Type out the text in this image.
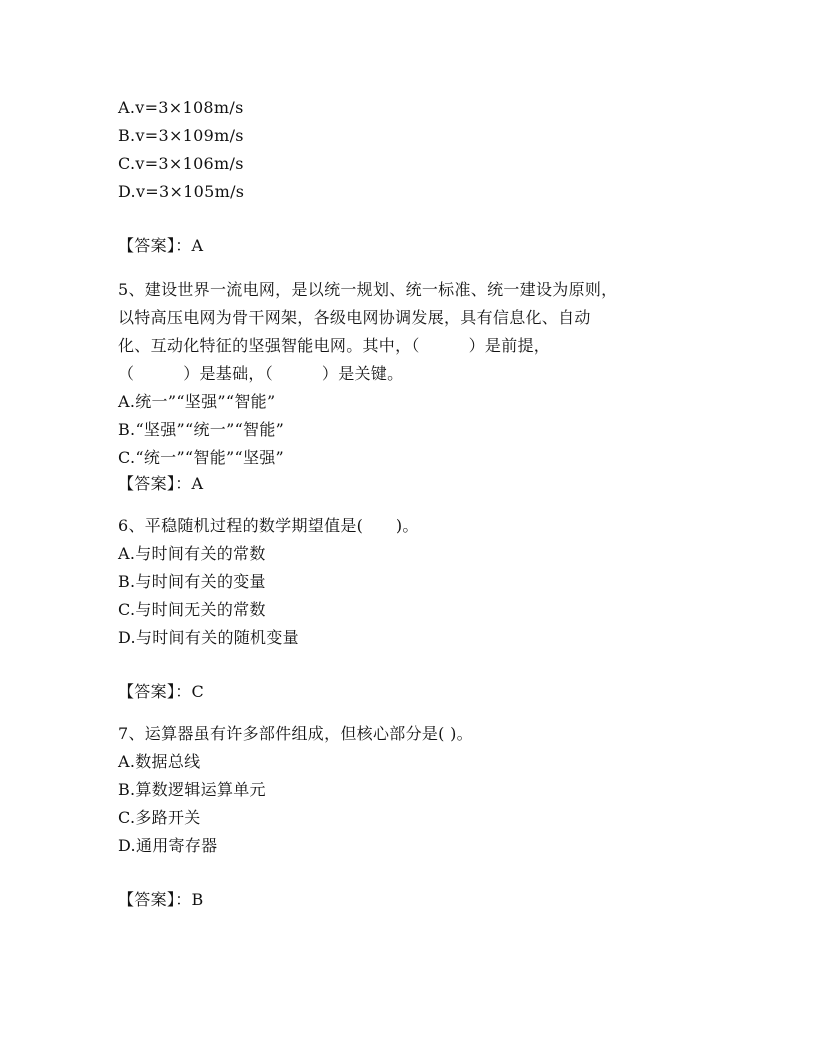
A.v=3×108m/s
B.v=3×109m/s
C.v=3×106m/s
D.v=3×105m/s
【答案】：A
5、建设世界一流电网，是以统一规划、统一标准、统一建设为原则，
以特高压电网为骨干网架，各级电网协调发展，具有信息化、自动
化、互动化特征的坚强智能电网。其中，（　　　）是前提，
（　　　）是基础，（　　　）是关键。
A.统一”“坚强”“智能”
B.“坚强”“统一”“智能”
C.“统一”“智能”“坚强”
【答案】：A
6、平稳随机过程的数学期望值是(　　)。
A.与时间有关的常数
B.与时间有关的变量
C.与时间无关的常数
D.与时间有关的随机变量
【答案】：C
7、运算器虽有许多部件组成，但核心部分是( )。
A.数据总线
B.算数逻辑运算单元
C.多路开关
D.通用寄存器
【答案】：B
